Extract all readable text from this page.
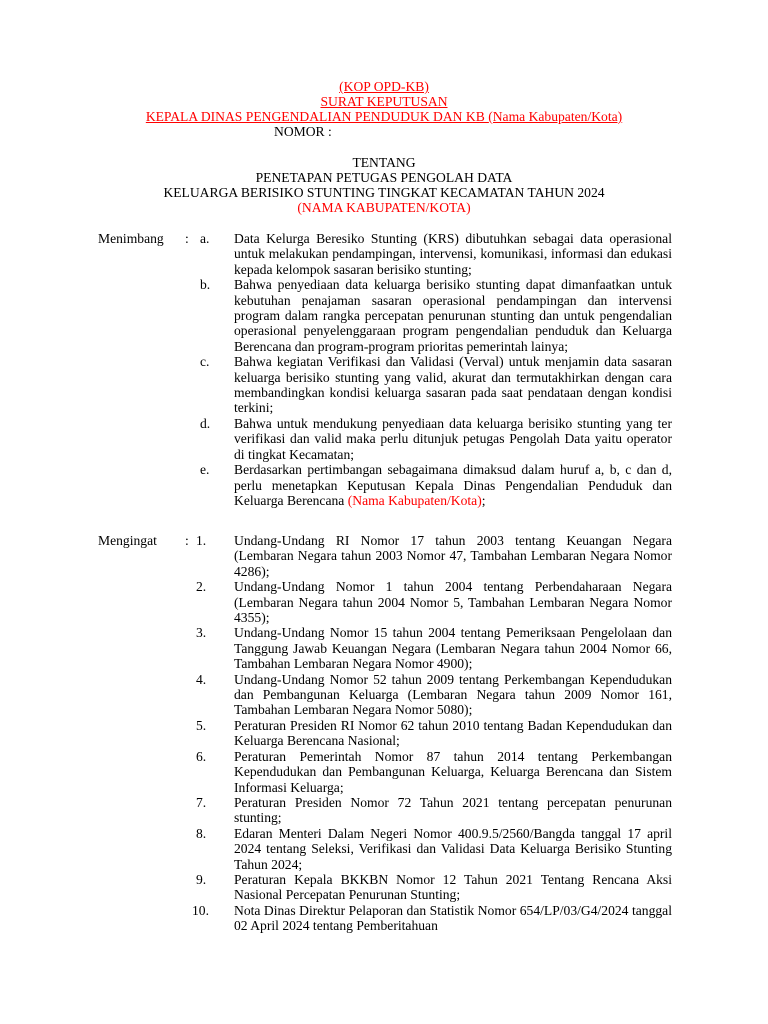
(KOP OPD-KB)
SURAT KEPUTUSAN
KEPALA DINAS PENGENDALIAN PENDUDUK DAN KB (Nama Kabupaten/Kota)
NOMOR :
TENTANG
PENETAPAN PETUGAS PENGOLAH DATA
KELUARGA BERISIKO STUNTING TINGKAT KECAMATAN TAHUN 2024
(NAMA KABUPATEN/KOTA)
Menimbang : a.	Data Kelurga Beresiko Stunting (KRS) dibutuhkan sebagai data operasional untuk melakukan pendampingan, intervensi, komunikasi, informasi dan edukasi kepada kelompok sasaran berisiko stunting;
b.	Bahwa penyediaan data keluarga berisiko stunting dapat dimanfaatkan untuk kebutuhan penajaman sasaran operasional pendampingan dan intervensi program dalam rangka percepatan penurunan stunting dan untuk pengendalian operasional penyelenggaraan program pengendalian penduduk dan Keluarga Berencana dan program-program prioritas pemerintah lainya;
c.	Bahwa kegiatan Verifikasi dan Validasi (Verval) untuk menjamin data sasaran keluarga berisiko stunting yang valid, akurat dan termutakhirkan dengan cara membandingkan kondisi keluarga sasaran pada saat pendataan dengan kondisi terkini;
d.	Bahwa untuk mendukung penyediaan data keluarga berisiko stunting yang ter verifikasi dan valid maka perlu ditunjuk petugas Pengolah Data yaitu operator di tingkat Kecamatan;
e.	Berdasarkan pertimbangan sebagaimana dimaksud dalam huruf a, b, c dan d, perlu menetapkan Keputusan Kepala Dinas Pengendalian Penduduk dan Keluarga Berencana (Nama Kabupaten/Kota);
Mengingat : 1.	Undang-Undang RI Nomor 17 tahun 2003 tentang Keuangan Negara (Lembaran Negara tahun 2003 Nomor 47, Tambahan Lembaran Negara Nomor 4286);
2.	Undang-Undang Nomor 1 tahun 2004 tentang Perbendaharaan Negara (Lembaran Negara tahun 2004 Nomor 5, Tambahan Lembaran Negara Nomor 4355);
3.	Undang-Undang Nomor 15 tahun 2004 tentang Pemeriksaan Pengelolaan dan Tanggung Jawab Keuangan Negara (Lembaran Negara tahun 2004 Nomor 66, Tambahan Lembaran Negara Nomor 4900);
4.	Undang-Undang Nomor 52 tahun 2009 tentang Perkembangan Kependudukan dan Pembangunan Keluarga (Lembaran Negara tahun 2009 Nomor 161, Tambahan Lembaran Negara Nomor 5080);
5.	Peraturan Presiden RI Nomor 62 tahun 2010 tentang Badan Kependudukan dan Keluarga Berencana Nasional;
6.	Peraturan Pemerintah Nomor 87 tahun 2014 tentang Perkembangan Kependudukan dan Pembangunan Keluarga, Keluarga Berencana dan Sistem Informasi Keluarga;
7.	Peraturan Presiden Nomor 72 Tahun 2021 tentang percepatan penurunan stunting;
8.	Edaran Menteri Dalam Negeri Nomor 400.9.5/2560/Bangda tanggal 17 april 2024 tentang Seleksi, Verifikasi dan Validasi Data Keluarga Berisiko Stunting Tahun 2024;
9.	Peraturan Kepala BKKBN Nomor 12 Tahun 2021 Tentang Rencana Aksi Nasional Percepatan Penurunan Stunting;
10.	Nota Dinas Direktur Pelaporan dan Statistik Nomor 654/LP/03/G4/2024 tanggal 02 April 2024 tentang Pemberitahuan
